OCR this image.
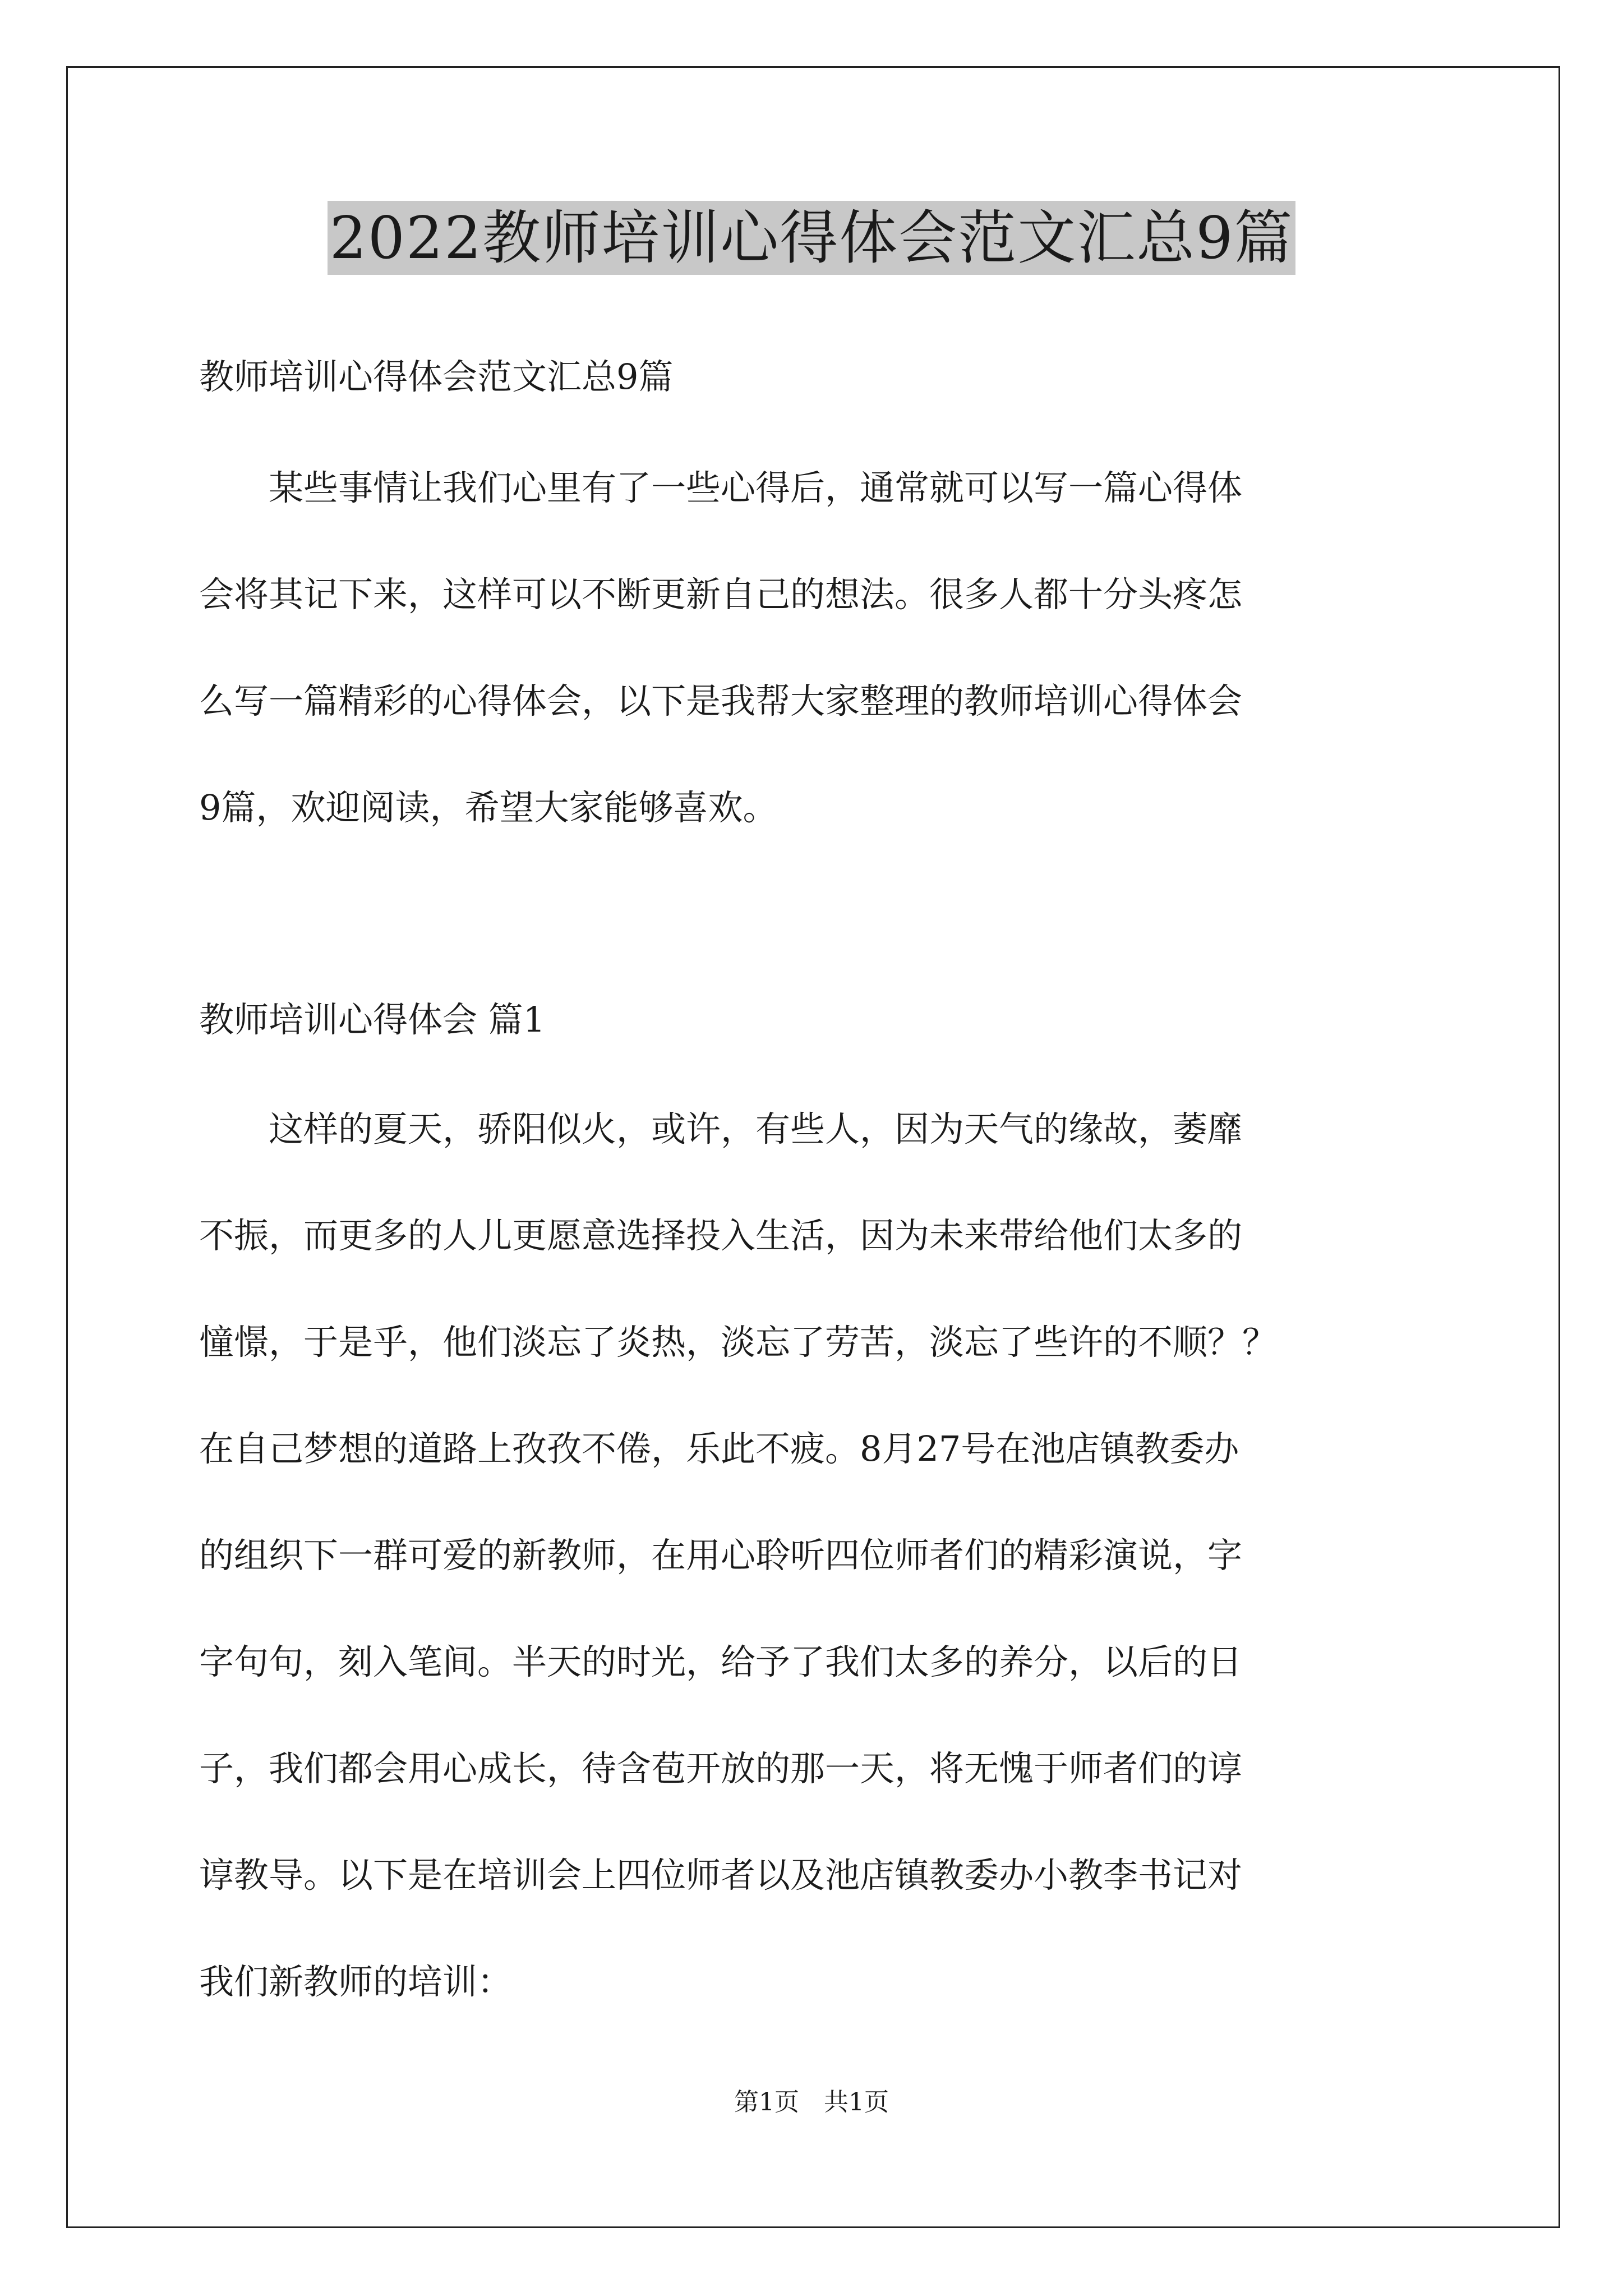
2022教师培训心得体会范文汇总9篇
教师培训心得体会范文汇总9篇

　　某些事情让我们心里有了一些心得后，通常就可以写一篇心得体
会将其记下来，这样可以不断更新自己的想法。很多人都十分头疼怎
么写一篇精彩的心得体会，以下是我帮大家整理的教师培训心得体会
9篇，欢迎阅读，希望大家能够喜欢。

教师培训心得体会 篇1

　　这样的夏天，骄阳似火，或许，有些人，因为天气的缘故，萎靡
不振，而更多的人儿更愿意选择投入生活，因为未来带给他们太多的
憧憬，于是乎，他们淡忘了炎热，淡忘了劳苦，淡忘了些许的不顺？？
在自己梦想的道路上孜孜不倦，乐此不疲。8月27号在池店镇教委办
的组织下一群可爱的新教师，在用心聆听四位师者们的精彩演说，字
字句句，刻入笔间。半天的时光，给予了我们太多的养分，以后的日
子，我们都会用心成长，待含苞开放的那一天，将无愧于师者们的谆
谆教导。以下是在培训会上四位师者以及池店镇教委办小教李书记对
我们新教师的培训：

第1页　共1页
